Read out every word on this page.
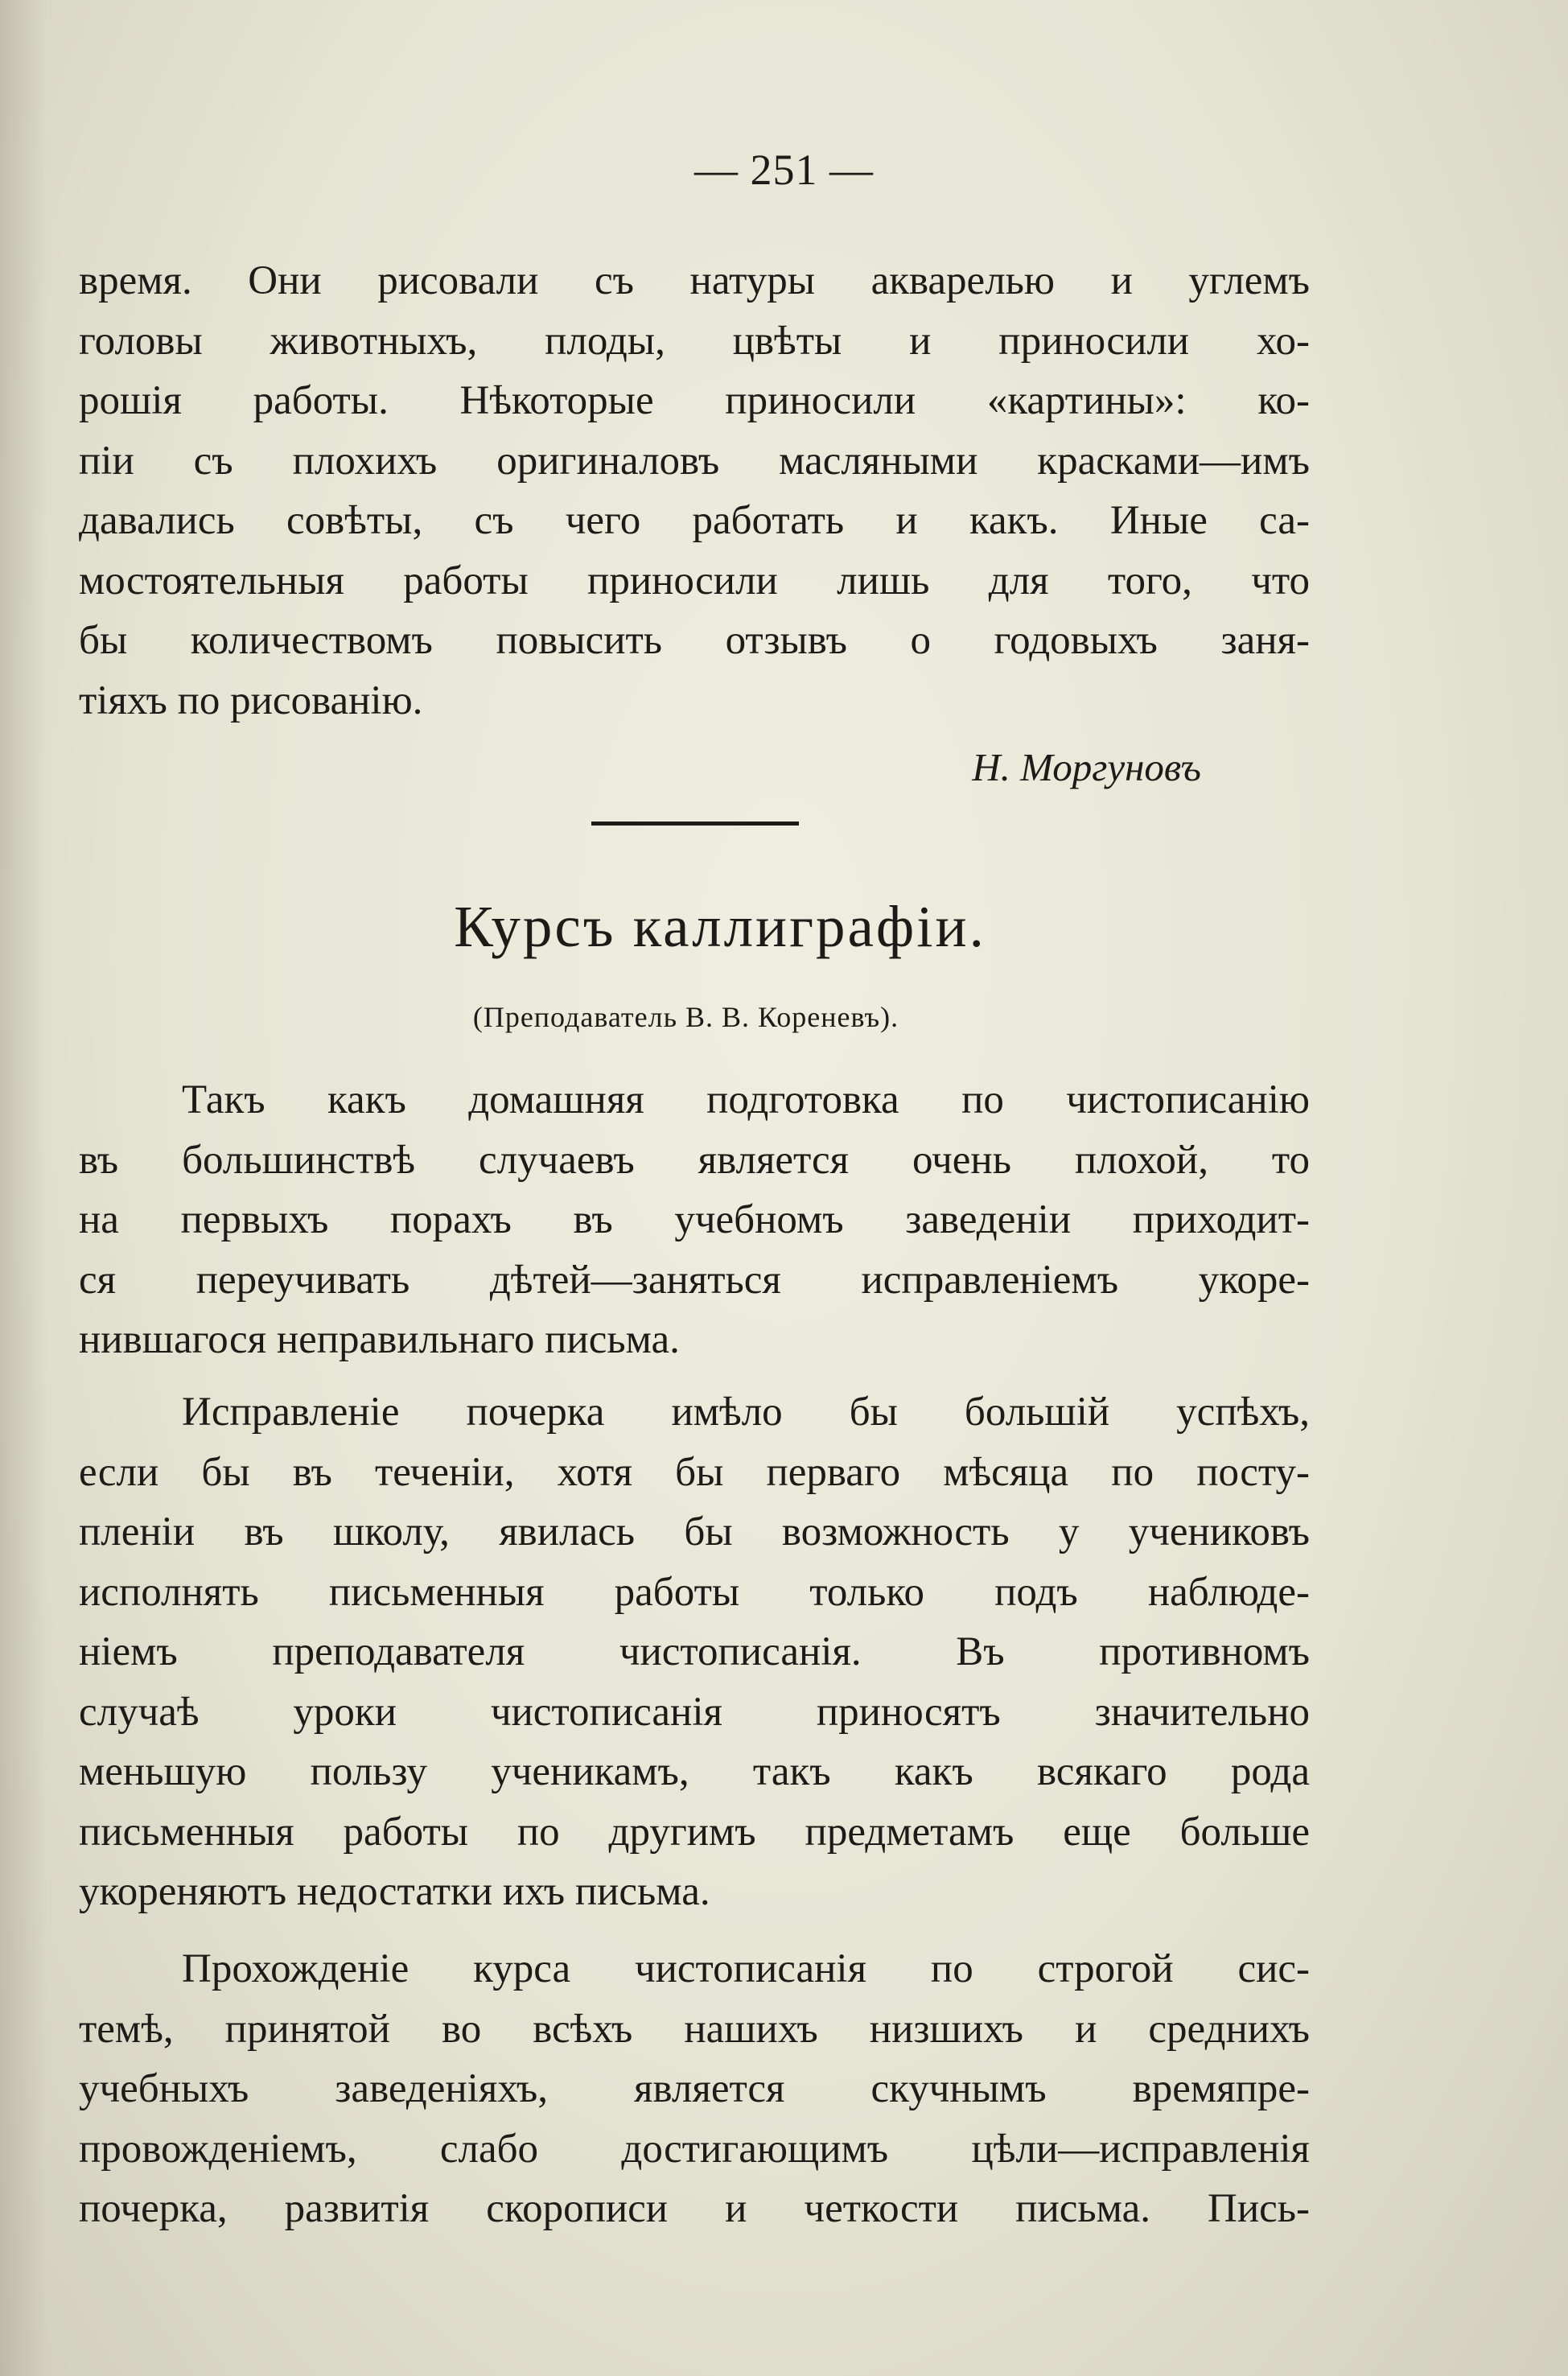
— 251 —

время. Они рисовали съ натуры акварелью и углемъ
головы животныхъ, плоды, цвѣты и приносили хо-
рошія работы. Нѣкоторые приносили «картины»: ко-
піи съ плохихъ оригиналовъ масляными красками—имъ
давались совѣты, съ чего работать и какъ. Иные са-
мостоятельныя работы приносили лишь для того, что
бы количествомъ повысить отзывъ о годовыхъ заня-
тіяхъ по рисованію.

Н. Моргуновъ
Курсъ каллиграфіи.
(Преподаватель В. В. Кореневъ).

Такъ какъ домашняя подготовка по чистописанію
въ большинствѣ случаевъ является очень плохой, то
на первыхъ порахъ въ учебномъ заведеніи приходит-
ся переучивать дѣтей—заняться исправленіемъ укоре-
нившагося неправильнаго письма.

Исправленіе почерка имѣло бы большій успѣхъ,
если бы въ теченіи, хотя бы перваго мѣсяца по посту-
пленіи въ школу, явилась бы возможность у учениковъ
исполнять письменныя работы только подъ наблюде-
ніемъ преподавателя чистописанія. Въ противномъ
случаѣ уроки чистописанія приносятъ значительно
меньшую пользу ученикамъ, такъ какъ всякаго рода
письменныя работы по другимъ предметамъ еще больше
укореняютъ недостатки ихъ письма.

Прохожденіе курса чистописанія по строгой сис-
темѣ, принятой во всѣхъ нашихъ низшихъ и среднихъ
учебныхъ заведеніяхъ, является скучнымъ времяпре-
провожденіемъ, слабо достигающимъ цѣли—исправленія
почерка, развитія скорописи и четкости письма. Пись-
